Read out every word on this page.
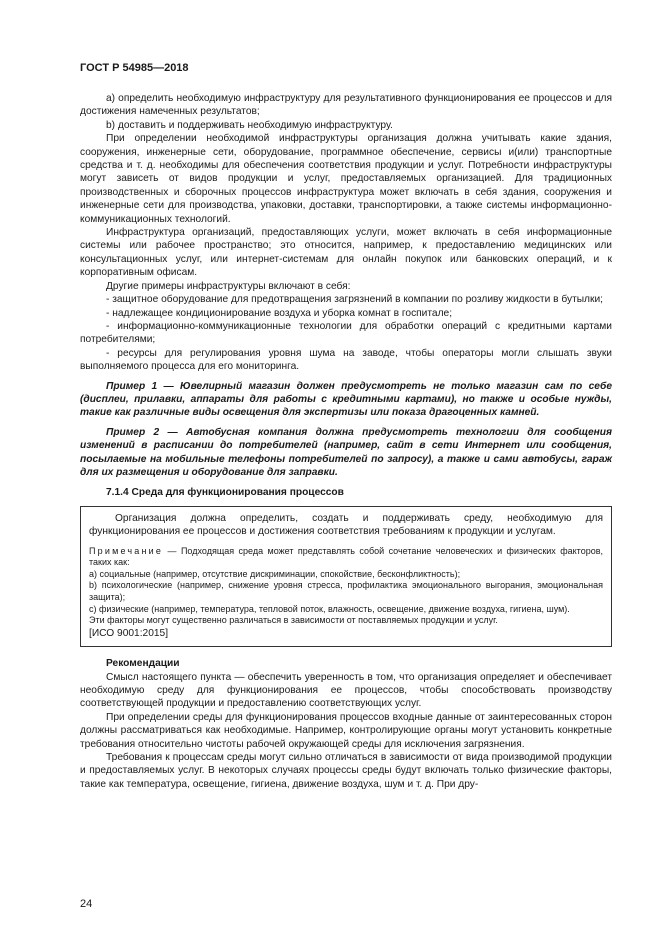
ГОСТ Р 54985—2018

а) определить необходимую инфраструктуру для результативного функционирования ее процессов и для достижения намеченных результатов;

b) доставить и поддерживать необходимую инфраструктуру.

При определении необходимой инфраструктуры организация должна учитывать какие здания, сооружения, инженерные сети, оборудование, программное обеспечение, сервисы и(или) транспортные средства и т. д. необходимы для обеспечения соответствия продукции и услуг. Потребности инфраструктуры могут зависеть от видов продукции и услуг, предоставляемых организацией. Для традиционных производственных и сборочных процессов инфраструктура может включать в себя здания, сооружения и инженерные сети для производства, упаковки, доставки, транспортировки, а также системы информационно-коммуникационных технологий.

Инфраструктура организаций, предоставляющих услуги, может включать в себя информационные системы или рабочее пространство; это относится, например, к предоставлению медицинских или консультационных услуг, или интернет-системам для онлайн покупок или банковских операций, и к корпоративным офисам.

Другие примеры инфраструктуры включают в себя:

- защитное оборудование для предотвращения загрязнений в компании по розливу жидкости в бутылки;

- надлежащее кондиционирование воздуха и уборка комнат в госпитале;

- информационно-коммуникационные технологии для обработки операций с кредитными картами потребителями;

- ресурсы для регулирования уровня шума на заводе, чтобы операторы могли слышать звуки выполняемого процесса для его мониторинга.

Пример 1 — Ювелирный магазин должен предусмотреть не только магазин сам по себе (дисплеи, прилавки, аппараты для работы с кредитными картами), но также и особые нужды, такие как различные виды освещения для экспертизы или показа драгоценных камней.

Пример 2 — Автобусная компания должна предусмотреть технологии для сообщения изменений в расписании до потребителей (например, сайт в сети Интернет или сообщения, посылаемые на мобильные телефоны потребителей по запросу), а также и сами автобусы, гараж для их размещения и оборудование для заправки.

7.1.4 Среда для функционирования процессов

Организация должна определить, создать и поддерживать среду, необходимую для функционирования ее процессов и достижения соответствия требованиям к продукции и услугам.

Примечание — Подходящая среда может представлять собой сочетание человеческих и физических факторов, таких как:

a) социальные (например, отсутствие дискриминации, спокойствие, бесконфликтность);

b) психологические (например, снижение уровня стресса, профилактика эмоционального выгорания, эмоциональная защита);

c) физические (например, температура, тепловой поток, влажность, освещение, движение воздуха, гигиена, шум).

Эти факторы могут существенно различаться в зависимости от поставляемых продукции и услуг.

[ИСО 9001:2015]

Рекомендации

Смысл настоящего пункта — обеспечить уверенность в том, что организация определяет и обеспечивает необходимую среду для функционирования ее процессов, чтобы способствовать производству соответствующей продукции и предоставлению соответствующих услуг.

При определении среды для функционирования процессов входные данные от заинтересованных сторон должны рассматриваться как необходимые. Например, контролирующие органы могут установить конкретные требования относительно чистоты рабочей окружающей среды для исключения загрязнения.

Требования к процессам среды могут сильно отличаться в зависимости от вида производимой продукции и предоставляемых услуг. В некоторых случаях процессы среды будут включать только физические факторы, такие как температура, освещение, гигиена, движение воздуха, шум и т. д. При дру-

24
